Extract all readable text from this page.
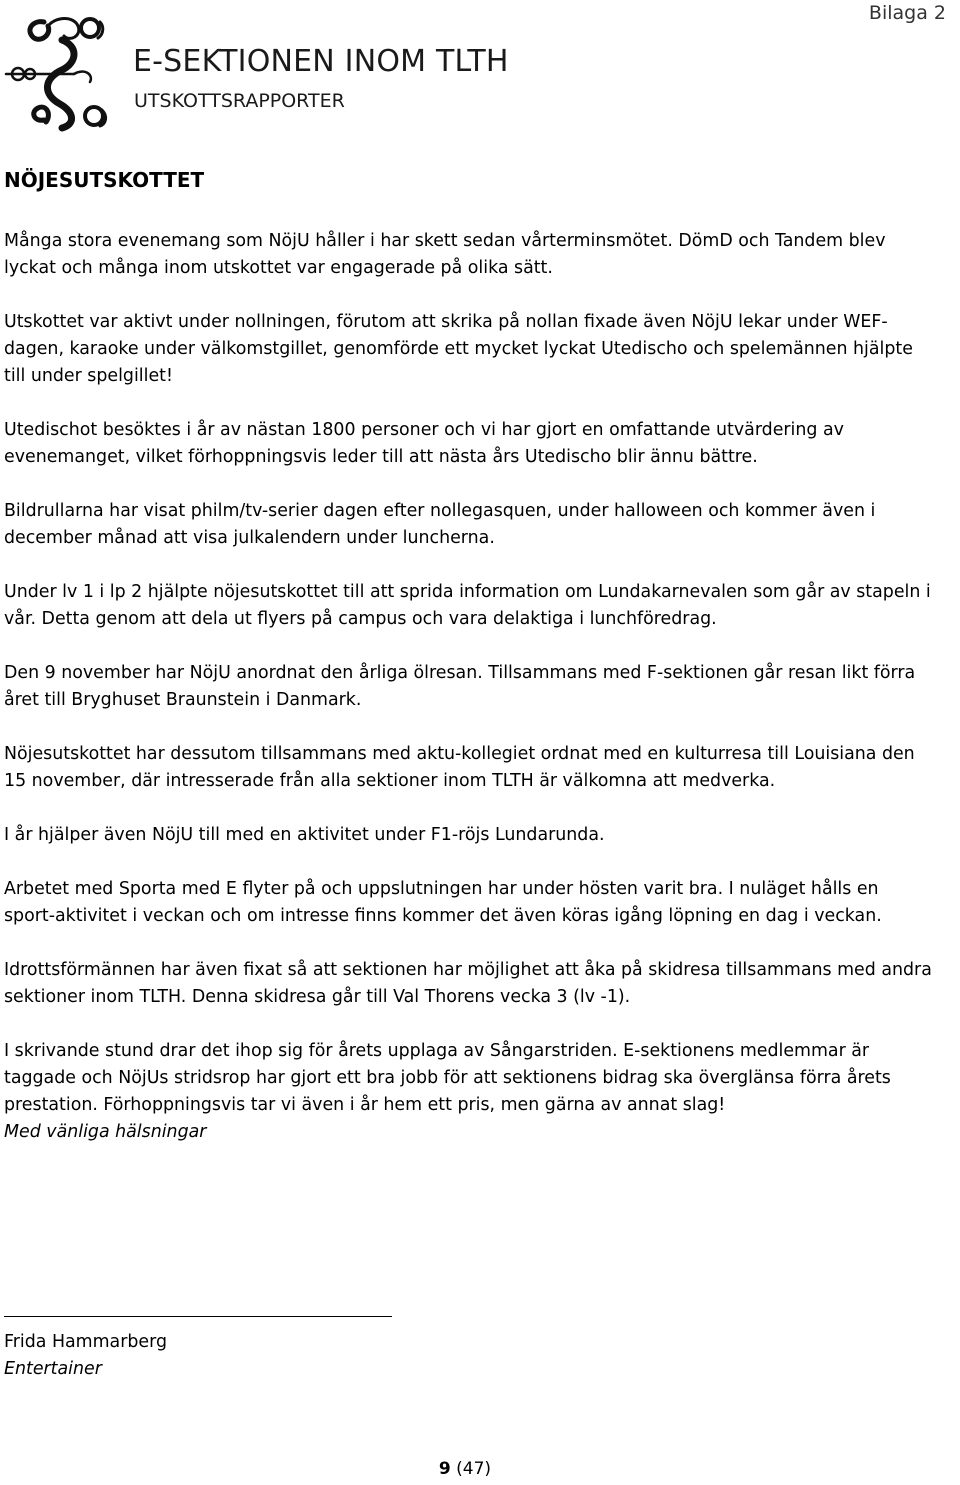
Bilaga 2
E-SEKTIONEN INOM TLTH
UTSKOTTSRAPPORTER
NÖJESUTSKOTTET

Många stora evenemang som NöjU håller i har skett sedan vårterminsmötet. DömD och Tandem blev lyckat och många inom utskottet var engagerade på olika sätt.

Utskottet var aktivt under nollningen, förutom att skrika på nollan fixade även NöjU lekar under WEF-dagen, karaoke under välkomstgillet, genomförde ett mycket lyckat Utedischo och spelemännen hjälpte till under spelgillet!

Utedischot besöktes i år av nästan 1800 personer och vi har gjort en omfattande utvärdering av evenemanget, vilket förhoppningsvis leder till att nästa års Utedischo blir ännu bättre.

Bildrullarna har visat philm/tv-serier dagen efter nollegasquen, under halloween och kommer även i december månad att visa julkalendern under luncherna.

Under lv 1 i lp 2 hjälpte nöjesutskottet till att sprida information om Lundakarnevalen som går av stapeln i vår. Detta genom att dela ut flyers på campus och vara delaktiga i lunchföredrag.

Den 9 november har NöjU anordnat den årliga ölresan. Tillsammans med F-sektionen går resan likt förra året till Bryghuset Braunstein i Danmark.

Nöjesutskottet har dessutom tillsammans med aktu-kollegiet ordnat med en kulturresa till Louisiana den 15 november, där intresserade från alla sektioner inom TLTH är välkomna att medverka.

I år hjälper även NöjU till med en aktivitet under F1-röjs Lundarunda.

Arbetet med Sporta med E flyter på och uppslutningen har under hösten varit bra. I nuläget hålls en sport-aktivitet i veckan och om intresse finns kommer det även köras igång löpning en dag i veckan.

Idrottsförmännen har även fixat så att sektionen har möjlighet att åka på skidresa tillsammans med andra sektioner inom TLTH. Denna skidresa går till Val Thorens vecka 3 (lv -1).

I skrivande stund drar det ihop sig för årets upplaga av Sångarstriden. E-sektionens medlemmar är taggade och NöjUs stridsrop har gjort ett bra jobb för att sektionens bidrag ska överglänsa förra årets prestation. Förhoppningsvis tar vi även i år hem ett pris, men gärna av annat slag!

Med vänliga hälsningar

Frida Hammarberg
Entertainer
9 (47)
